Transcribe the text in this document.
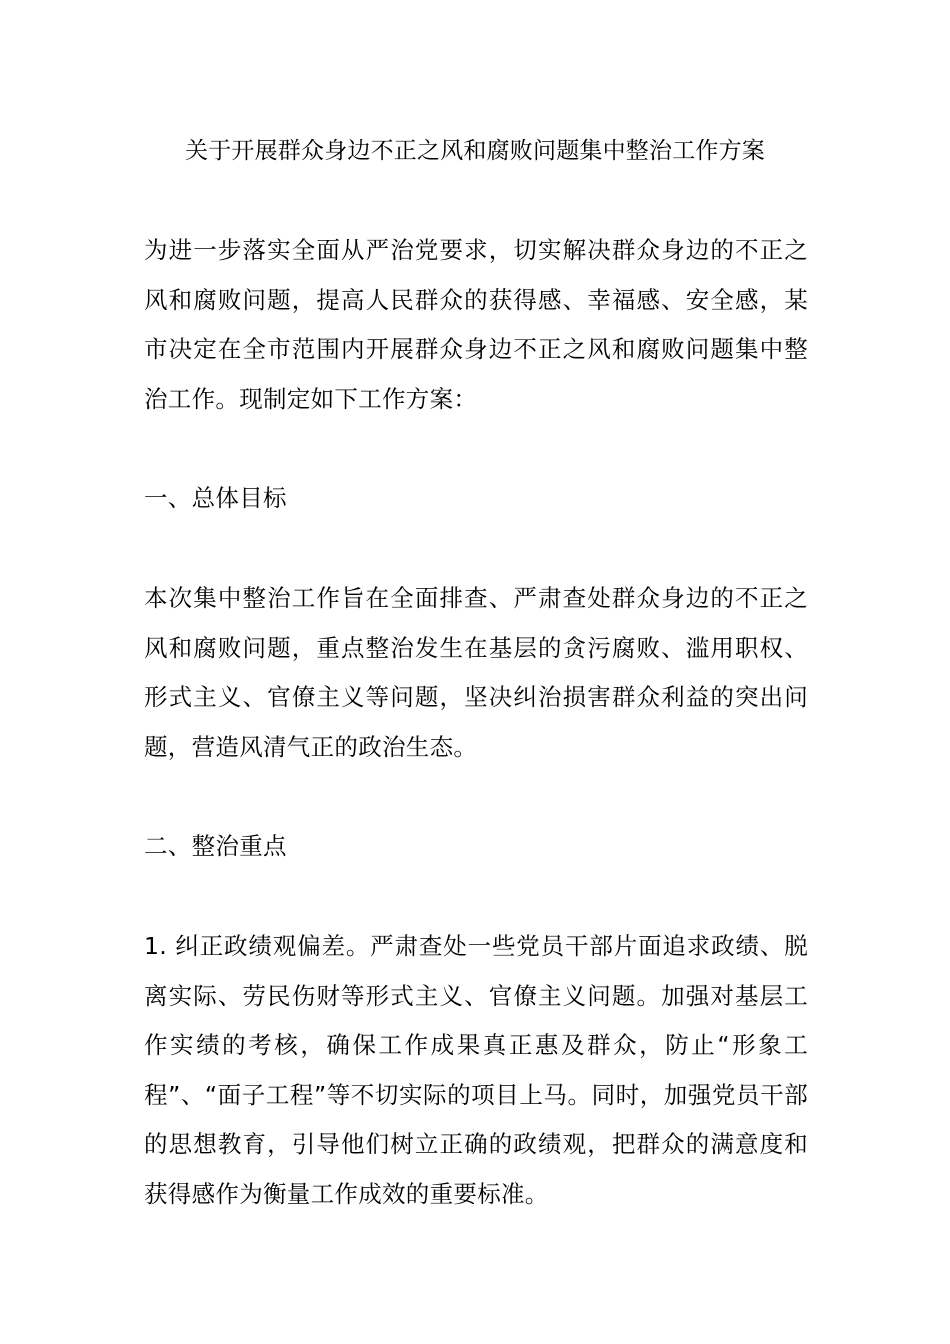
关于开展群众身边不正之风和腐败问题集中整治工作方案

为进一步落实全面从严治党要求，切实解决群众身边的不正之风和腐败问题，提高人民群众的获得感、幸福感、安全感，某市决定在全市范围内开展群众身边不正之风和腐败问题集中整治工作。现制定如下工作方案：

一、总体目标

本次集中整治工作旨在全面排查、严肃查处群众身边的不正之风和腐败问题，重点整治发生在基层的贪污腐败、滥用职权、形式主义、官僚主义等问题，坚决纠治损害群众利益的突出问题，营造风清气正的政治生态。

二、整治重点

1. 纠正政绩观偏差。严肃查处一些党员干部片面追求政绩、脱离实际、劳民伤财等形式主义、官僚主义问题。加强对基层工作实绩的考核，确保工作成果真正惠及群众，防止“形象工程”、“面子工程”等不切实际的项目上马。同时，加强党员干部的思想教育，引导他们树立正确的政绩观，把群众的满意度和获得感作为衡量工作成效的重要标准。
